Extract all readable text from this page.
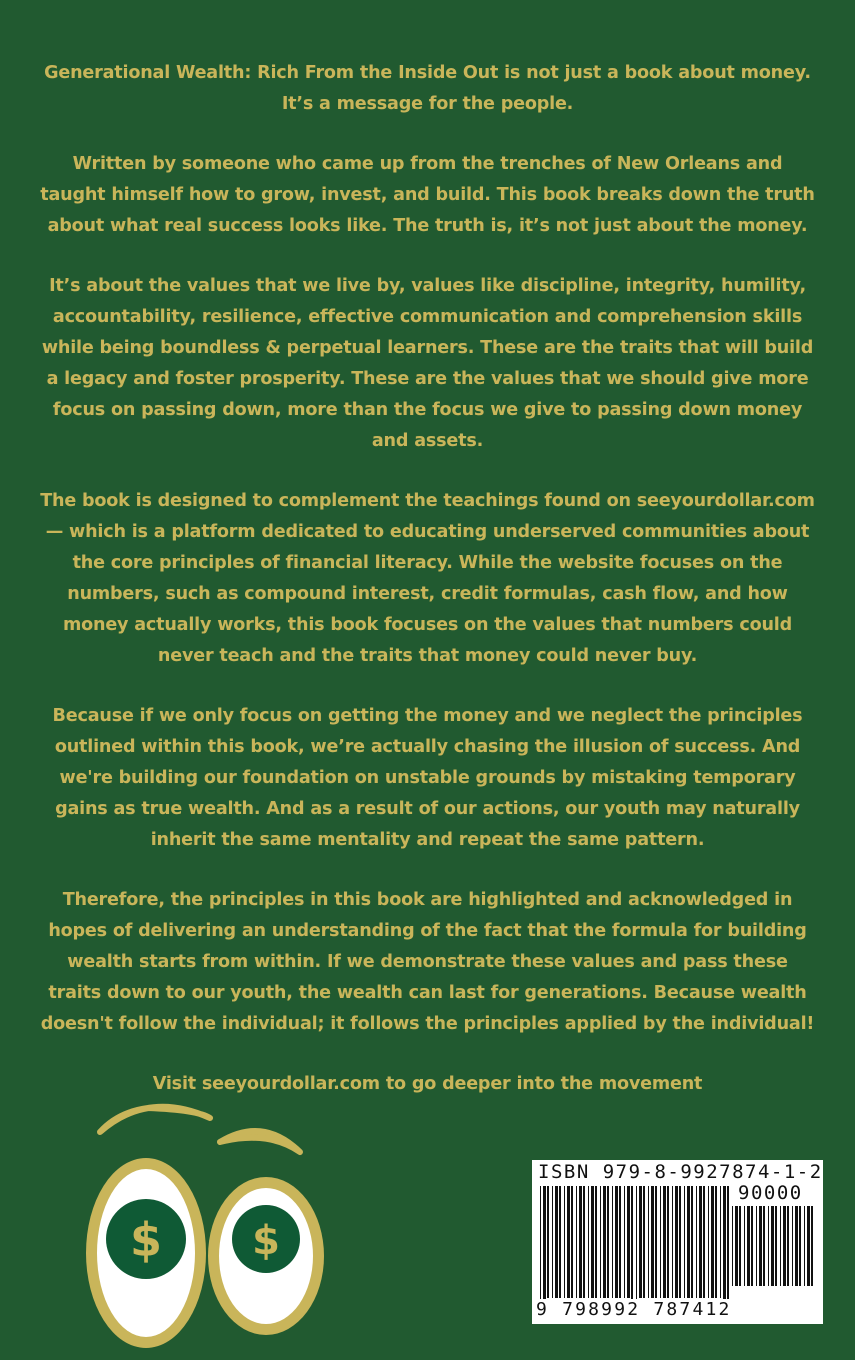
Generational Wealth: Rich From the Inside Out is not just a book about money. It’s a message for the people.

Written by someone who came up from the trenches of New Orleans and taught himself how to grow, invest, and build. This book breaks down the truth about what real success looks like. The truth is, it’s not just about the money.

It’s about the values that we live by, values like discipline, integrity, humility, accountability, resilience, effective communication and comprehension skills while being boundless & perpetual learners. These are the traits that will build a legacy and foster prosperity. These are the values that we should give more focus on passing down, more than the focus we give to passing down money and assets.

The book is designed to complement the teachings found on seeyourdollar.com— which is a platform dedicated to educating underserved communities about the core principles of financial literacy. While the website focuses on the numbers, such as compound interest, credit formulas, cash flow, and how money actually works, this book focuses on the values that numbers could never teach and the traits that money could never buy.

Because if we only focus on getting the money and we neglect the principles outlined within this book, we’re actually chasing the illusion of success. And we're building our foundation on unstable grounds by mistaking temporary gains as true wealth. And as a result of our actions, our youth may naturally inherit the same mentality and repeat the same pattern.

Therefore, the principles in this book are highlighted and acknowledged in hopes of delivering an understanding of the fact that the formula for building wealth starts from within. If we demonstrate these values and pass these traits down to our youth, the wealth can last for generations. Because wealth doesn't follow the individual; it follows the principles applied by the individual!

Visit seeyourdollar.com to go deeper into the movement

$ $
ISBN 979-8-9927874-1-2
90000
9 798992 787412
